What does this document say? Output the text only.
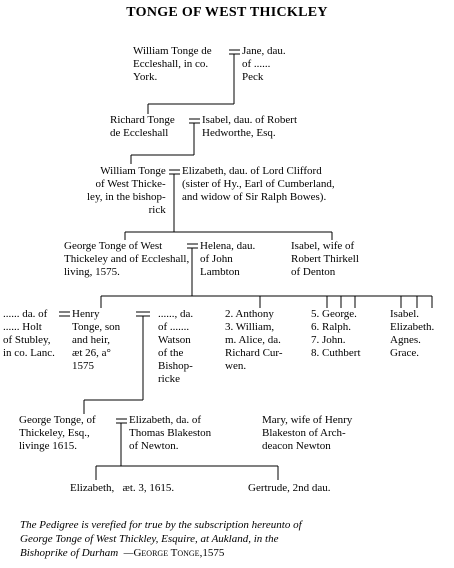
TONGE OF WEST THICKLEY
William Tonge de
Eccleshall, in co.
York.
Jane, dau.
of ......
Peck
Richard Tonge
de Eccleshall
Isabel, dau. of Robert
Hedworthe, Esq.
William Tonge
of West Thicke-
ley, in the bishop-
rick
Elizabeth, dau. of Lord Clifford
(sister of Hy., Earl of Cumberland,
and widow of Sir Ralph Bowes).
George Tonge of West
Thickeley and of Eccleshall,
living, 1575.
Helena, dau.
of John
Lambton
Isabel, wife of
Robert Thirkell
of Denton
...... da. of
...... Holt
of Stubley,
in co. Lanc.
Henry
Tonge, son
and heir,
æt 26, a°
1575
......, da.
of .......
Watson
of the
Bishop-
ricke
2. Anthony
3. William,
m. Alice, da.
Richard Cur-
wen.
5. George.
6. Ralph.
7. John.
8. Cuthbert
Isabel.
Elizabeth.
Agnes.
Grace.
George Tonge, of
Thickeley, Esq.,
livinge 1615.
Elizabeth, da. of
Thomas Blakeston
of Newton.
Mary, wife of Henry
Blakeston of Arch-
deacon Newton
Elizabeth,   æt. 3, 1615.	Gertrude, 2nd dau.
The Pedigree is verefied for true by the subscription hereunto of
George Tonge of West Thickley, Esquire, at Aukland, in the
Bishoprike of Durham  —George Tonge,1575
